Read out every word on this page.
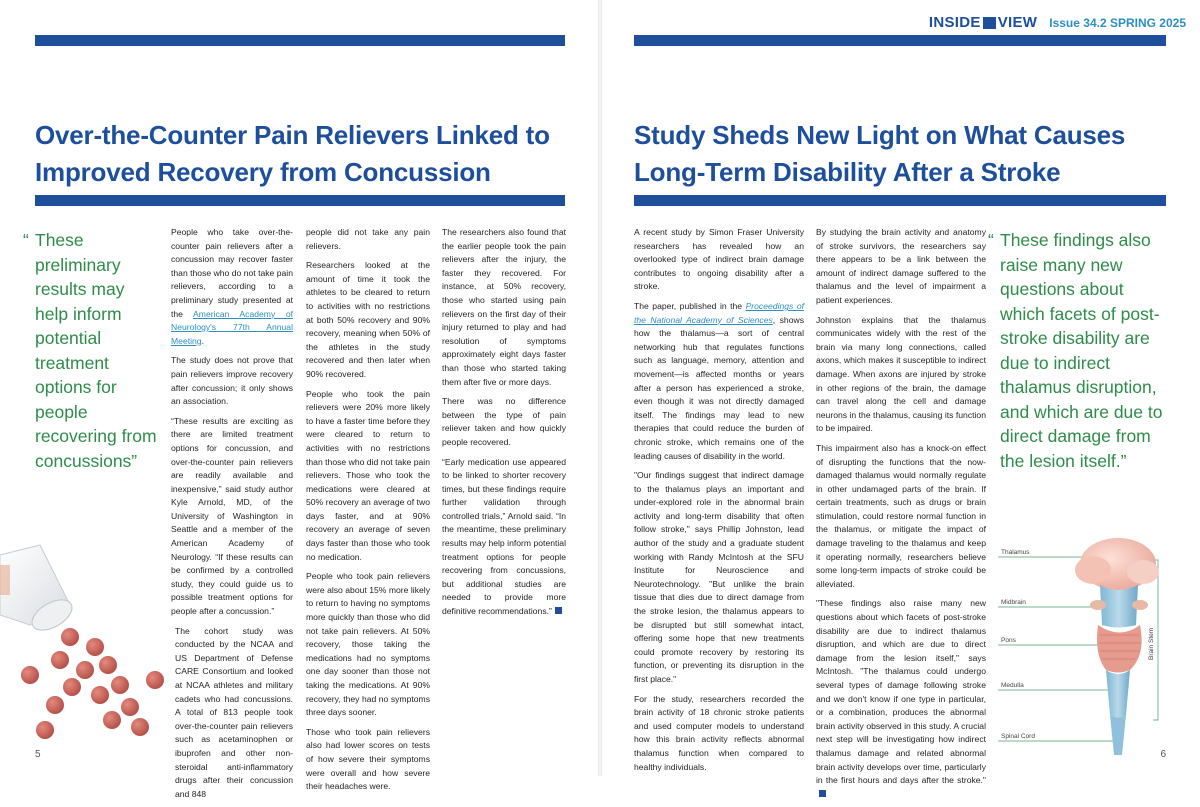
INSIDE VIEW Issue 34.2 SPRING 2025
Over-the-Counter Pain Relievers Linked to
Improved Recovery from Concussion
“ These preliminary results may help inform potential treatment options for people recovering from concussions”

People who take over-the-counter pain relievers after a concussion may recover faster than those who do not take pain relievers, according to a preliminary study presented at the American Academy of Neurology's 77th Annual Meeting.

The study does not prove that pain relievers improve recovery after concussion; it only shows an association.

“These results are exciting as there are limited treatment options for concussion, and over-the-counter pain relievers are readily available and inexpensive,” said study author Kyle Arnold, MD, of the University of Washington in Seattle and a member of the American Academy of Neurology. “If these results can be confirmed by a controlled study, they could guide us to possible treatment options for people after a concussion.”

The cohort study was conducted by the NCAA and US Department of Defense CARE Consortium and looked at NCAA athletes and military cadets who had concussions. A total of 813 people took over-the-counter pain relievers such as acetaminophen or ibuprofen and other non-steroidal anti-inflammatory drugs after their concussion and 848

people did not take any pain relievers.

Researchers looked at the amount of time it took the athletes to be cleared to return to activities with no restrictions at both 50% recovery and 90% recovery, meaning when 50% of the athletes in the study recovered and then later when 90% recovered.

People who took the pain relievers were 20% more likely to have a faster time before they were cleared to return to activities with no restrictions than those who did not take pain relievers. Those who took the medications were cleared at 50% recovery an average of two days faster, and at 90% recovery an average of seven days faster than those who took no medication.

People who took pain relievers were also about 15% more likely to return to having no symptoms more quickly than those who did not take pain relievers. At 50% recovery, those taking the medications had no symptoms one day sooner than those not taking the medications. At 90% recovery, they had no symptoms three days sooner.

Those who took pain relievers also had lower scores on tests of how severe their symptoms were overall and how severe their headaches were.

The researchers also found that the earlier people took the pain relievers after the injury, the faster they recovered. For instance, at 50% recovery, those who started using pain relievers on the first day of their injury returned to play and had resolution of symptoms approximately eight days faster than those who started taking them after five or more days.

There was no difference between the type of pain reliever taken and how quickly people recovered.

“Early medication use appeared to be linked to shorter recovery times, but these findings require further validation through controlled trials,” Arnold said. “In the meantime, these preliminary results may help inform potential treatment options for people recovering from concussions, but additional studies are needed to provide more definitive recommendations.”

5
Study Sheds New Light on What Causes
Long-Term Disability After a Stroke

A recent study by Simon Fraser University researchers has revealed how an overlooked type of indirect brain damage contributes to ongoing disability after a stroke.

The paper, published in the Proceedings of the National Academy of Sciences, shows how the thalamus—a sort of central networking hub that regulates functions such as language, memory, attention and movement—is affected months or years after a person has experienced a stroke, even though it was not directly damaged itself. The findings may lead to new therapies that could reduce the burden of chronic stroke, which remains one of the leading causes of disability in the world.

"Our findings suggest that indirect damage to the thalamus plays an important and under-explored role in the abnormal brain activity and long-term disability that often follow stroke," says Phillip Johnston, lead author of the study and a graduate student working with Randy McIntosh at the SFU Institute for Neuroscience and Neurotechnology. "But unlike the brain tissue that dies due to direct damage from the stroke lesion, the thalamus appears to be disrupted but still somewhat intact, offering some hope that new treatments could promote recovery by restoring its function, or preventing its disruption in the first place."

For the study, researchers recorded the brain activity of 18 chronic stroke patients and used computer models to understand how this brain activity reflects abnormal thalamus function when compared to healthy individuals.

By studying the brain activity and anatomy of stroke survivors, the researchers say there appears to be a link between the amount of indirect damage suffered to the thalamus and the level of impairment a patient experiences.

Johnston explains that the thalamus communicates widely with the rest of the brain via many long connections, called axons, which makes it susceptible to indirect damage. When axons are injured by stroke in other regions of the brain, the damage can travel along the cell and damage neurons in the thalamus, causing its function to be impaired.

This impairment also has a knock-on effect of disrupting the functions that the now-damaged thalamus would normally regulate in other undamaged parts of the brain. If certain treatments, such as drugs or brain stimulation, could restore normal function in the thalamus, or mitigate the impact of damage traveling to the thalamus and keep it operating normally, researchers believe some long-term impacts of stroke could be alleviated.

"These findings also raise many new questions about which facets of post-stroke disability are due to indirect thalamus disruption, and which are due to direct damage from the lesion itself," says McIntosh. "The thalamus could undergo several types of damage following stroke and we don't know if one type in particular, or a combination, produces the abnormal brain activity observed in this study. A crucial next step will be investigating how indirect thalamus damage and related abnormal brain activity develops over time, particularly in the first hours and days after the stroke."

“ These findings also raise many new questions about which facets of post-stroke disability are due to indirect thalamus disruption, and which are due to direct damage from the lesion itself.”
Thalamus
Midbrain
Pons
Medulla
Spinal Cord
Brain Stem
6
